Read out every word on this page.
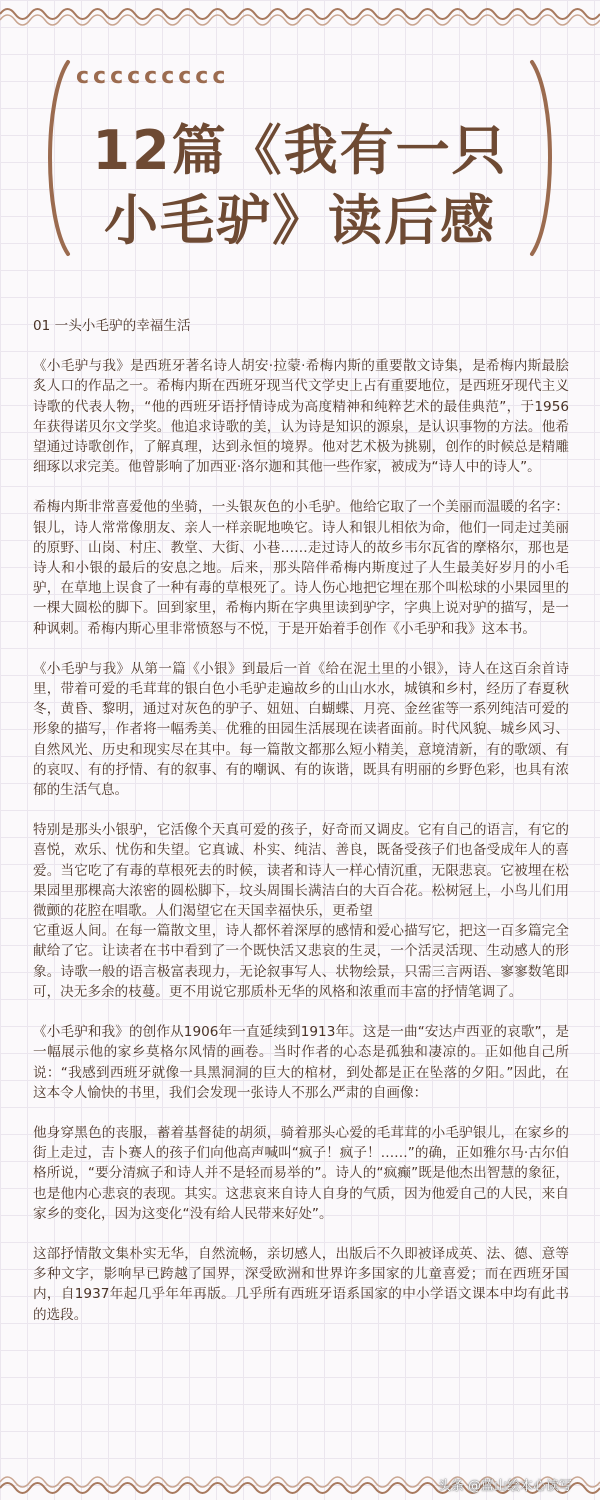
ccccccccc
12篇《我有一只
小毛驴》读后感

01 一头小毛驴的幸福生活

《小毛驴与我》是西班牙著名诗人胡安·拉蒙·希梅内斯的重要散文诗集，是希梅内斯最脍炙人口的作品之一。希梅内斯在西班牙现当代文学史上占有重要地位，是西班牙现代主义诗歌的代表人物，“他的西班牙语抒情诗成为高度精神和纯粹艺术的最佳典范”，于1956年获得诺贝尔文学奖。他追求诗歌的美，认为诗是知识的源泉，是认识事物的方法。他希望通过诗歌创作，了解真理，达到永恒的境界。他对艺术极为挑剔，创作的时候总是精雕细琢以求完美。他曾影响了加西亚·洛尔迦和其他一些作家，被成为“诗人中的诗人”。

希梅内斯非常喜爱他的坐骑，一头银灰色的小毛驴。他给它取了一个美丽而温暖的名字：银儿，诗人常常像朋友、亲人一样亲昵地唤它。诗人和银儿相依为命，他们一同走过美丽的原野、山岗、村庄、教堂、大街、小巷……走过诗人的故乡韦尔瓦省的摩格尔，那也是诗人和小银的最后的安息之地。后来，那头陪伴希梅内斯度过了人生最美好岁月的小毛驴，在草地上误食了一种有毒的草根死了。诗人伤心地把它埋在那个叫松球的小果园里的一棵大圆松的脚下。回到家里，希梅内斯在字典里读到驴字，字典上说对驴的描写，是一种讽刺。希梅内斯心里非常愤怒与不悦，于是开始着手创作《小毛驴和我》这本书。

《小毛驴与我》从第一篇《小银》到最后一首《给在泥土里的小银》，诗人在这百余首诗里，带着可爱的毛茸茸的银白色小毛驴走遍故乡的山山水水，城镇和乡村，经历了春夏秋冬，黄昏、黎明，通过对灰色的驴子、妞妞、白蝴蝶、月亮、金丝雀等一系列纯洁可爱的形象的描写，作者将一幅秀美、优雅的田园生活展现在读者面前。时代风貌、城乡风习、自然风光、历史和现实尽在其中。每一篇散文都那么短小精美，意境清新，有的歌颂、有的哀叹、有的抒情、有的叙事、有的嘲讽、有的诙谐，既具有明丽的乡野色彩，也具有浓郁的生活气息。

特别是那头小银驴，它活像个天真可爱的孩子，好奇而又调皮。它有自己的语言，有它的喜悦，欢乐、忧伤和失望。它真诚、朴实、纯洁、善良，既备受孩子们也备受成年人的喜爱。当它吃了有毒的草根死去的时候，读者和诗人一样心情沉重，无限悲哀。它被埋在松果园里那棵高大浓密的圆松脚下，坟头周围长满洁白的大百合花。松树冠上，小鸟儿们用微颤的花腔在唱歌。人们渴望它在天国幸福快乐，更希望
它重返人间。在每一篇散文里，诗人都怀着深厚的感情和爱心描写它，把这一百多篇完全献给了它。让读者在书中看到了一个既快活又悲哀的生灵，一个活灵活现、生动感人的形象。诗歌一般的语言极富表现力，无论叙事写人、状物绘景，只需三言两语、寥寥数笔即可，决无多余的枝蔓。更不用说它那质朴无华的风格和浓重而丰富的抒情笔调了。

《小毛驴和我》的创作从1906年一直延续到1913年。这是一曲“安达卢西亚的哀歌”，是一幅展示他的家乡莫格尔风情的画卷。当时作者的心态是孤独和凄凉的。正如他自己所说：“我感到西班牙就像一具黑洞洞的巨大的棺材，到处都是正在坠落的夕阳。”因此，在这本令人愉快的书里，我们会发现一张诗人不那么严肃的自画像：

他身穿黑色的丧服，蓄着基督徒的胡须，骑着那头心爱的毛茸茸的小毛驴银儿，在家乡的街上走过，吉卜赛人的孩子们向他高声喊叫“疯子！疯子！……”的确，正如雅尔马·古尔伯格所说，“要分清疯子和诗人并不是轻而易举的”。诗人的“疯癫”既是他杰出智慧的象征，也是他内心悲哀的表现。其实。这悲哀来自诗人自身的气质，因为他爱自己的人民，来自家乡的变化，因为这变化“没有给人民带来好处”。

这部抒情散文集朴实无华，自然流畅，亲切感人，出版后不久即被译成英、法、德、意等多种文字，影响早已跨越了国界，深受欧洲和世界许多国家的儿童喜爱；而在西班牙国内，自1937年起几乎年年再版。几乎所有西班牙语系国家的中小学语文课本中均有此书的选段。

头条 @蓝山绘本心读写
